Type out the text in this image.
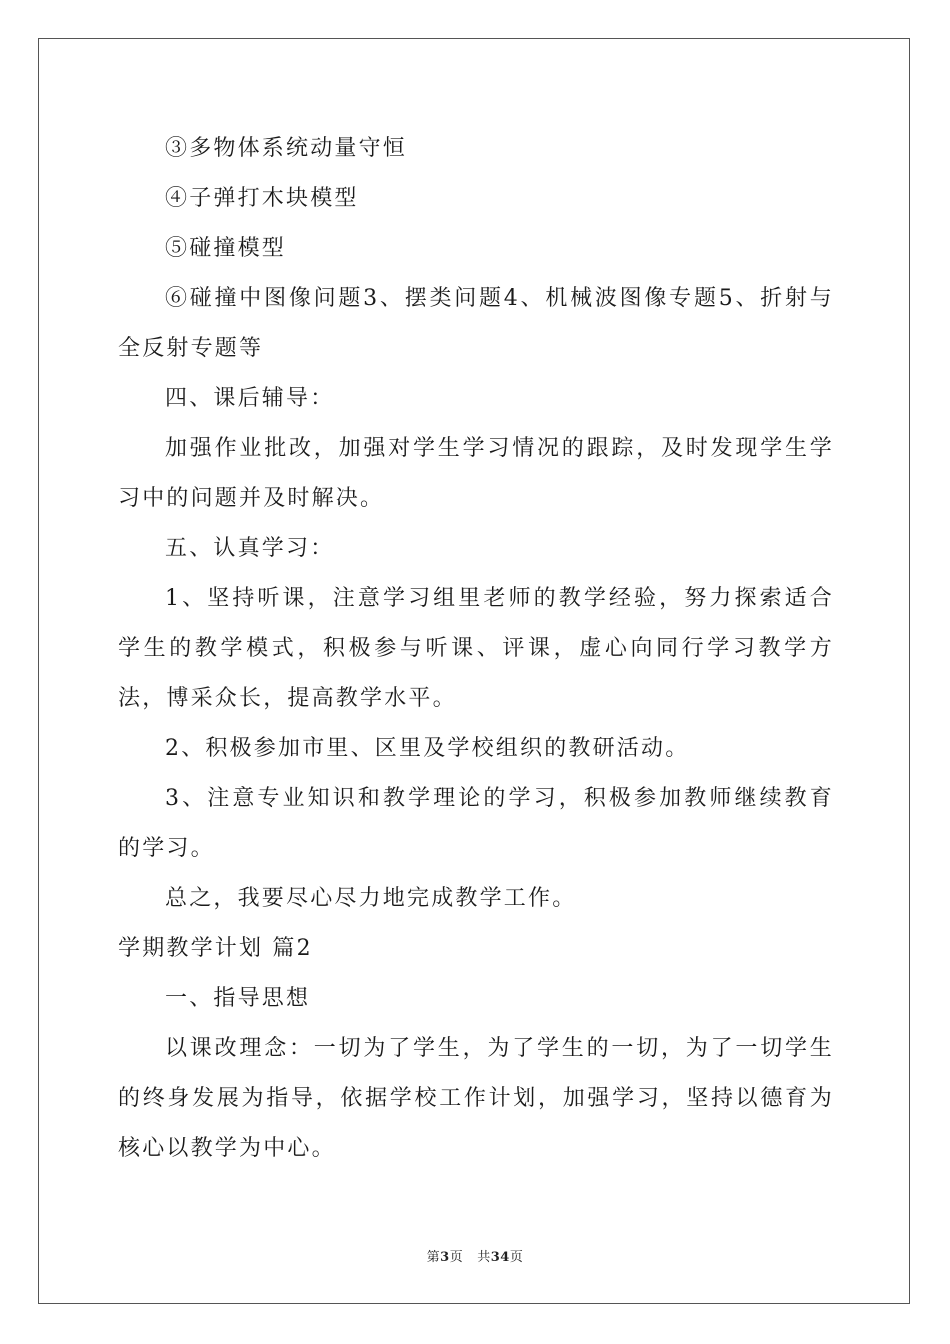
③多物体系统动量守恒

④子弹打木块模型

⑤碰撞模型

⑥碰撞中图像问题3、摆类问题4、机械波图像专题5、折射与全反射专题等

四、课后辅导：

加强作业批改，加强对学生学习情况的跟踪，及时发现学生学习中的问题并及时解决。

五、认真学习：

1、坚持听课，注意学习组里老师的教学经验，努力探索适合学生的教学模式，积极参与听课、评课，虚心向同行学习教学方法，博采众长，提高教学水平。

2、积极参加市里、区里及学校组织的教研活动。

3、注意专业知识和教学理论的学习，积极参加教师继续教育的学习。

总之，我要尽心尽力地完成教学工作。

学期教学计划 篇2

一、指导思想

以课改理念：一切为了学生，为了学生的一切，为了一切学生的终身发展为指导，依据学校工作计划，加强学习，坚持以德育为核心以教学为中心。

第3页 共34页
